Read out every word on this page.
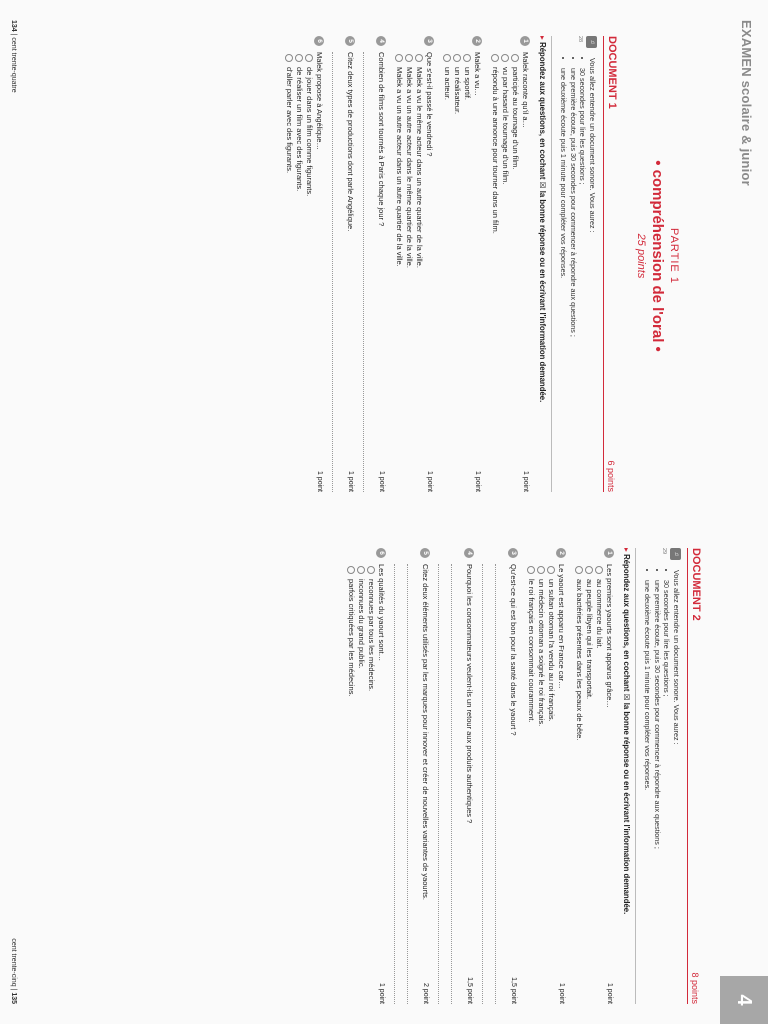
EXAMEN scolaire & junior
PARTIE 1
• compréhension de l'oral •
25 points
DOCUMENT 1
6 points
♫
28
Vous allez entendre un document sonore. Vous aurez :
• 30 secondes pour lire les questions ;
• une première écoute, puis 30 secondes pour commencer à répondre aux questions ;
• une deuxième écoute puis 1 minute pour compléter vos réponses.
▸ Répondez aux questions, en cochant ☒ la bonne réponse ou en écrivant l'information demandée.
1
1 point
Malek raconte qu'il a…
participé au tournage d'un film.
vu par hasard le tournage d'un film.
répondu à une annonce pour tourner dans un film.
2
1 point
Malek a vu…
un sportif.
un réalisateur.
un acteur.
3
1 point
Que s'est-il passé le vendredi ?
Malek a vu le même acteur dans un autre quartier de la ville.
Malek a vu un autre acteur dans le même quartier de la ville.
Malek a vu un autre acteur dans un autre quartier de la ville.
4
1 point
Combien de films sont tournés à Paris chaque jour ?
5
1 point
Citez deux types de productions dont parle Angélique.
6
1 point
Malek propose à Angélique…
de jouer dans un film comme figurants.
de réaliser un film avec des figurants.
d'aller parler avec des figurants.
134 | cent trente-quatre
4
DOCUMENT 2
8 points
♫
29
Vous allez entendre un document sonore. Vous aurez :
• 30 secondes pour lire les questions ;
• une première écoute, puis 30 secondes pour commencer à répondre aux questions ;
• une deuxième écoute puis 1 minute pour compléter vos réponses.
▸ Répondez aux questions, en cochant ☒ la bonne réponse ou en écrivant l'information demandée.
1
1 point
Les premiers yaourts sont apparus grâce…
au commerce du lait.
au peuple libyen qui les transportait.
aux bactéries présentes dans les peaux de bête.
2
1 point
Le yaourt est apparu en France car…
un sultan ottoman l'a vendu au roi français.
un médecin ottoman a soigné le roi français.
le roi français en consommait couramment.
3
1,5 point
Qu'est-ce qui est bon pour la santé dans le yaourt ?
4
1,5 point
Pourquoi les consommateurs veulent-ils un retour aux produits authentiques ?
5
2 point
Citez deux éléments utilisés par les marques pour innover et créer de nouvelles variantes de yaourts.
6
1 point
Les qualités du yaourt sont…
reconnues par tous les médecins.
inconnues du grand public.
parfois critiquées par les médecins.
cent trente-cinq | 135
